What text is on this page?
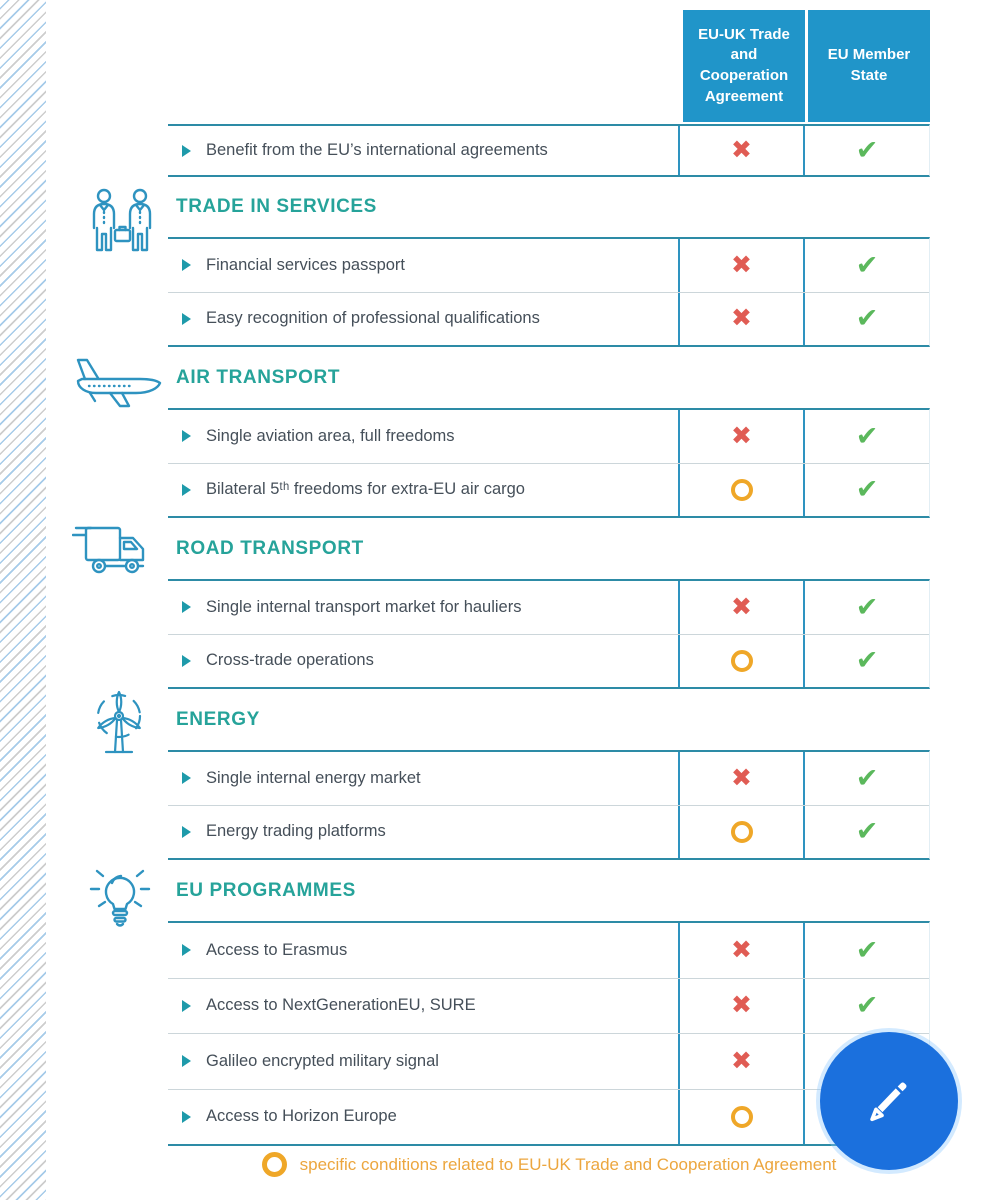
EU-UK Trade and Cooperation Agreement
EU Member State
Benefit from the EU’s international agreements
✖
✔
TRADE IN SERVICES
Financial services passport
✖
✔
Easy recognition of professional qualifications
✖
✔
AIR TRANSPORT
Single aviation area, full freedoms
✖
✔
Bilateral 5ᵗʰ freedoms for extra-EU air cargo
✔
ROAD TRANSPORT
Single internal transport market for hauliers
✖
✔
Cross-trade operations
✔
ENERGY
Single internal energy market
✖
✔
Energy trading platforms
✔
EU PROGRAMMES
Access to Erasmus
✖
✔
Access to NextGenerationEU, SURE
✖
✔
Galileo encrypted military signal
✖
Access to Horizon Europe
specific conditions related to EU-UK Trade and Cooperation Agreement
